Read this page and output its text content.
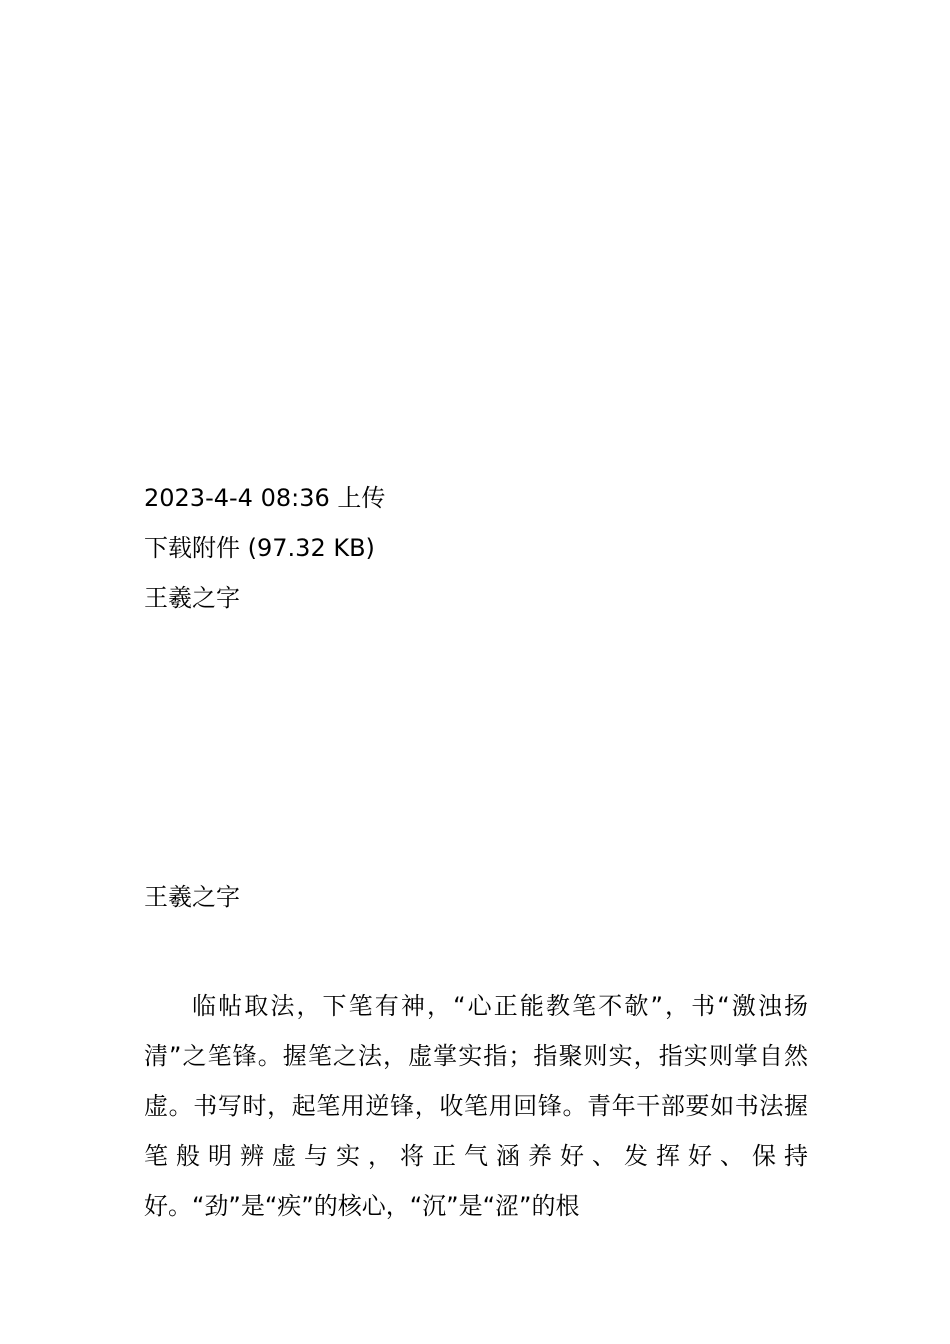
2023-4-4 08:36 上传
下载附件 (97.32 KB)
王羲之字
王羲之字

临帖取法，下笔有神，“心正能教笔不欹”，书“激浊扬清”之笔锋。握笔之法，虚掌实指；指聚则实，指实则掌自然虚。书写时，起笔用逆锋，收笔用回锋。青年干部要如书法握笔般明辨虚与实，将正气涵养好、发挥好、保持好。“劲”是“疾”的核心，“沉”是“涩”的根
